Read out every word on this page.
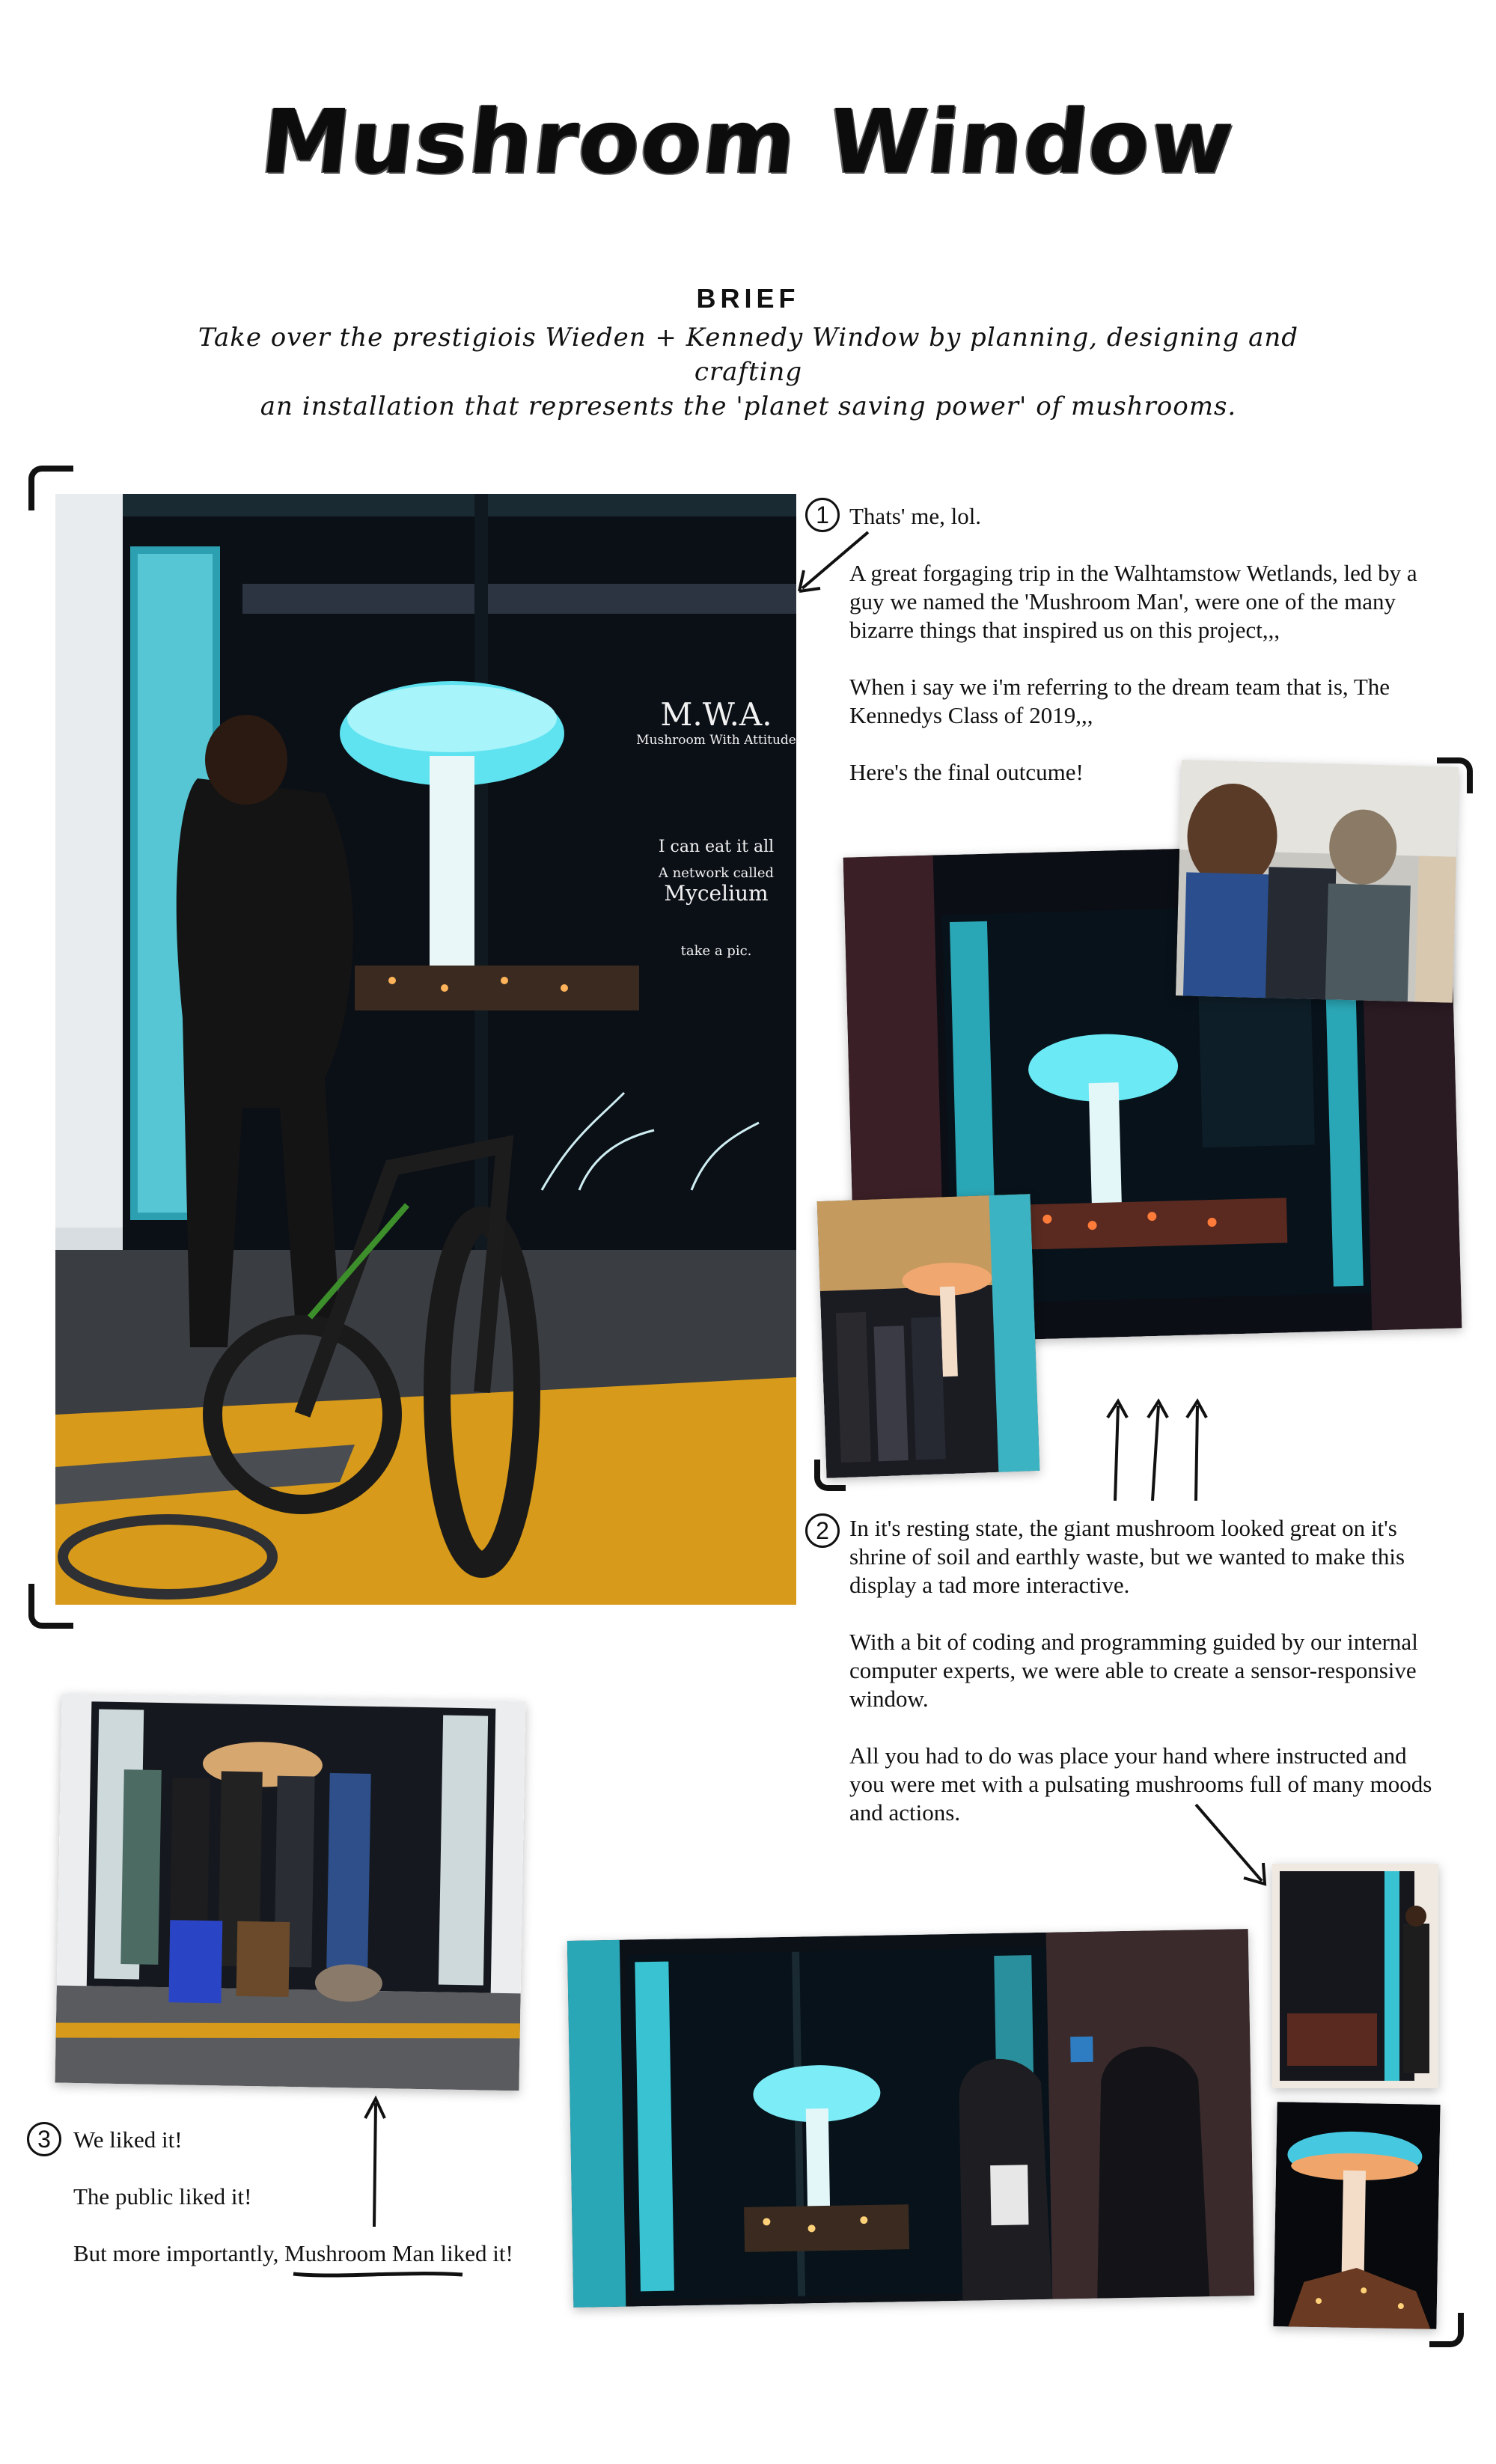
Mushroom Window
BRIEF
Take over the prestigiois Wieden + Kennedy Window by planning, designing and crafting
an installation that represents the 'planet saving power' of mushrooms.
M.W.A.
Mushroom With Attitude
I can eat it all
A network called
Mycelium
take a pic.
1 Thats' me, lol.

A great forgaging trip in the Walhtamstow Wetlands, led by a guy we named the 'Mushroom Man', were one of the many bizarre things that inspired us on this project,,,

When i say we i'm referring to the dream team that is, The Kennedys Class of 2019,,,

Here's the final outcume!

2 In it's resting state, the giant mushroom looked great on it's shrine of soil and earthly waste, but we wanted to make this display a tad more interactive.

With a bit of coding and programming guided by our internal computer experts, we were able to create a sensor-responsive window.

All you had to do was place your hand where instructed and you were met with a pulsating mushrooms full of many moods and actions.

3 We liked it!

The public liked it!

But more importantly, Mushroom Man liked it!
